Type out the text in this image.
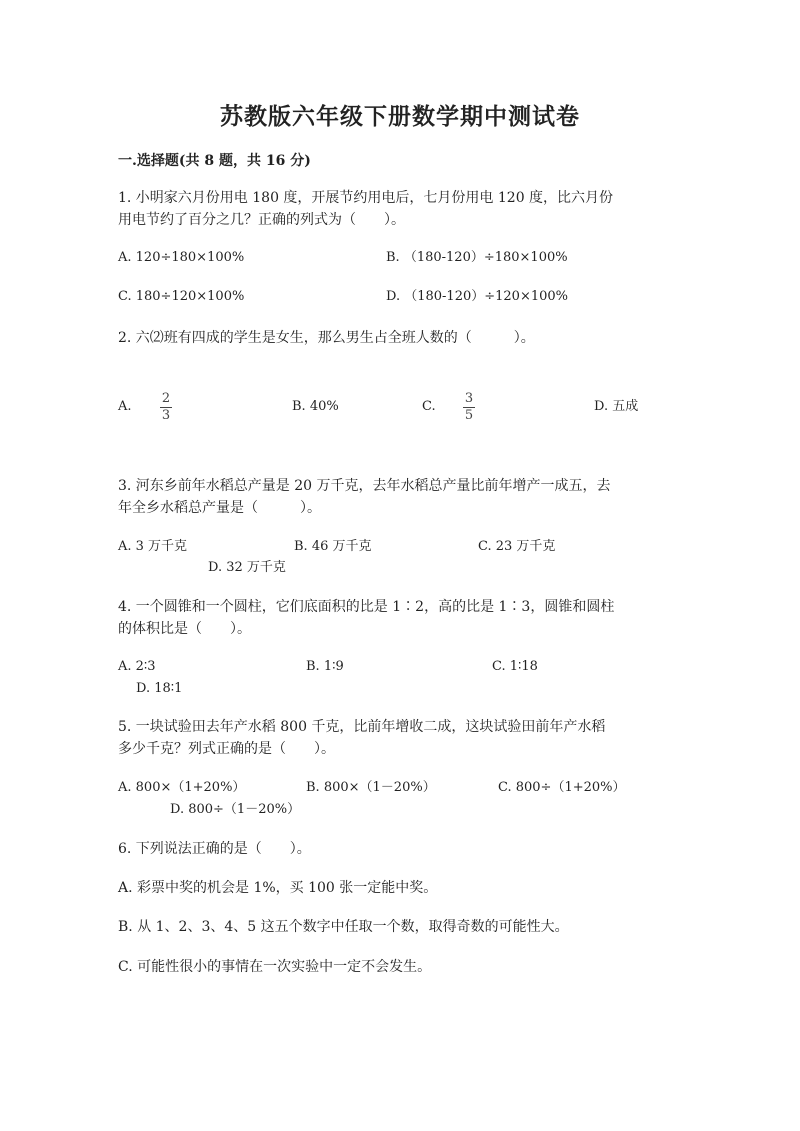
苏教版六年级下册数学期中测试卷
一.选择题(共 8 题，共 16 分)
1. 小明家六月份用电 180 度，开展节约用电后，七月份用电 120 度，比六月份
用电节约了百分之几？正确的列式为（　　）。
A. 120÷180×100%	B. （180-120）÷180×100%
C. 180÷120×100%	D. （180-120）÷120×100%
2. 六⑵班有四成的学生是女生，那么男生占全班人数的（　　　）。
A.
2
3
B. 40%	C.
3
5
D. 五成
3. 河东乡前年水稻总产量是 20 万千克，去年水稻总产量比前年增产一成五，去
年全乡水稻总产量是（　　　）。
A. 3 万千克	B. 46 万千克	C. 23 万千克
D. 32 万千克
4. 一个圆锥和一个圆柱，它们底面积的比是 1∶2，高的比是 1∶3，圆锥和圆柱
的体积比是（　　）。
A. 2∶3	B. 1∶9	C. 1∶18
D. 18∶1
5. 一块试验田去年产水稻 800 千克，比前年增收二成，这块试验田前年产水稻
多少千克？列式正确的是（　　）。
A. 800×（1+20%）	B. 800×（1－20%）	C. 800÷（1+20%）
D. 800÷（1－20%）
6. 下列说法正确的是（　　）。
A. 彩票中奖的机会是 1%，买 100 张一定能中奖。
B. 从 1、2、3、4、5 这五个数字中任取一个数，取得奇数的可能性大。
C. 可能性很小的事情在一次实验中一定不会发生。
